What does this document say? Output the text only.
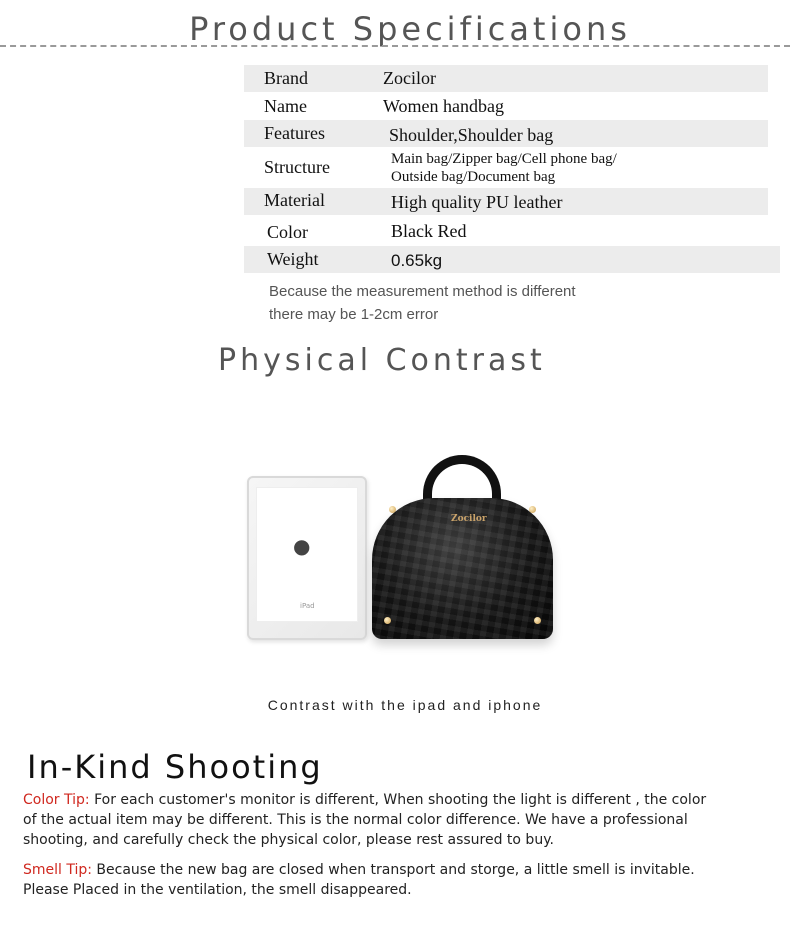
Product Specifications
Brand	Zocilor
Name	Women handbag
Features	Shoulder,Shoulder bag
Structure	Main bag/Zipper bag/Cell phone bag/
Outside bag/Document bag
Material	High quality PU leather
Color	Black Red
Weight	0.65kg
Because the measurement method is different
there may be 1-2cm error
Physical Contrast
●
iPad
Zocilor
Contrast with the ipad and iphone
In-Kind Shooting
Color Tip: For each customer's monitor is different, When shooting the light is different , the color
of the actual item may be different. This is the normal color difference. We have a professional
shooting, and carefully check the physical color, please rest assured to buy.
Smell Tip: Because the new bag are closed when transport and storge, a little smell is invitable.
Please Placed in the ventilation, the smell disappeared.
